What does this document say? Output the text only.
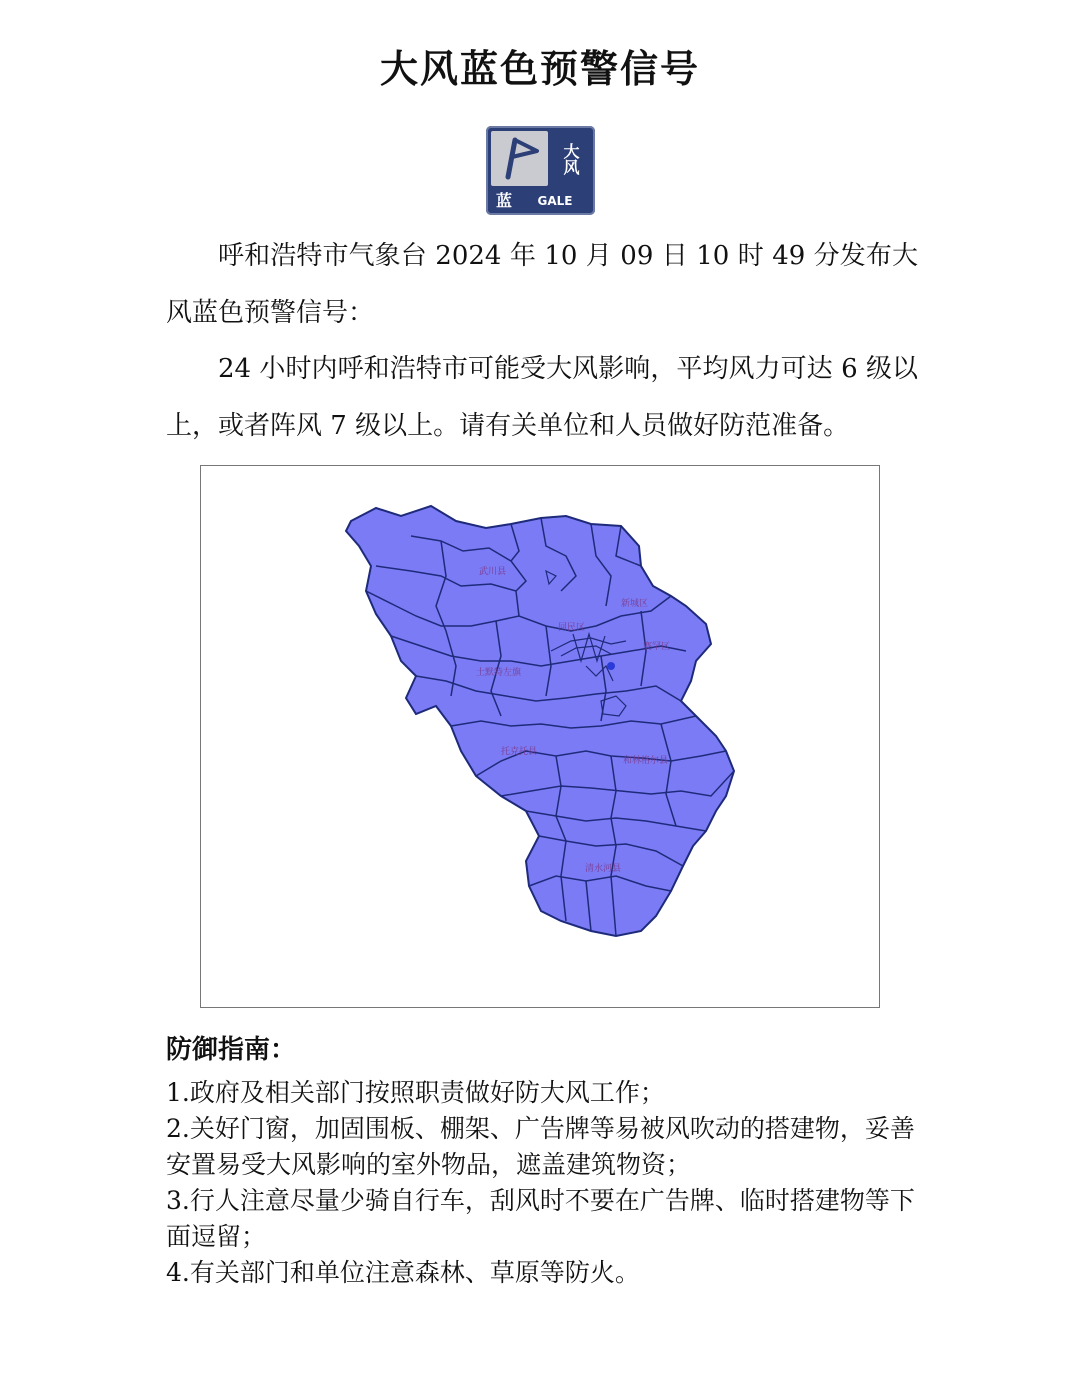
大风蓝色预警信号
大风
蓝	GALE

呼和浩特市气象台 2024 年 10 月 09 日 10 时 49 分发布大风蓝色预警信号：

24 小时内呼和浩特市可能受大风影响，平均风力可达 6 级以上，或者阵风 7 级以上。请有关单位和人员做好防范准备。

武川县
新城区
回民区
赛罕区
土默特左旗
托克托县
和林格尔县
清水河县
防御指南：
1.政府及相关部门按照职责做好防大风工作；
2.关好门窗，加固围板、棚架、广告牌等易被风吹动的搭建物，妥善安置易受大风影响的室外物品，遮盖建筑物资；
3.行人注意尽量少骑自行车，刮风时不要在广告牌、临时搭建物等下面逗留；
4.有关部门和单位注意森林、草原等防火。
